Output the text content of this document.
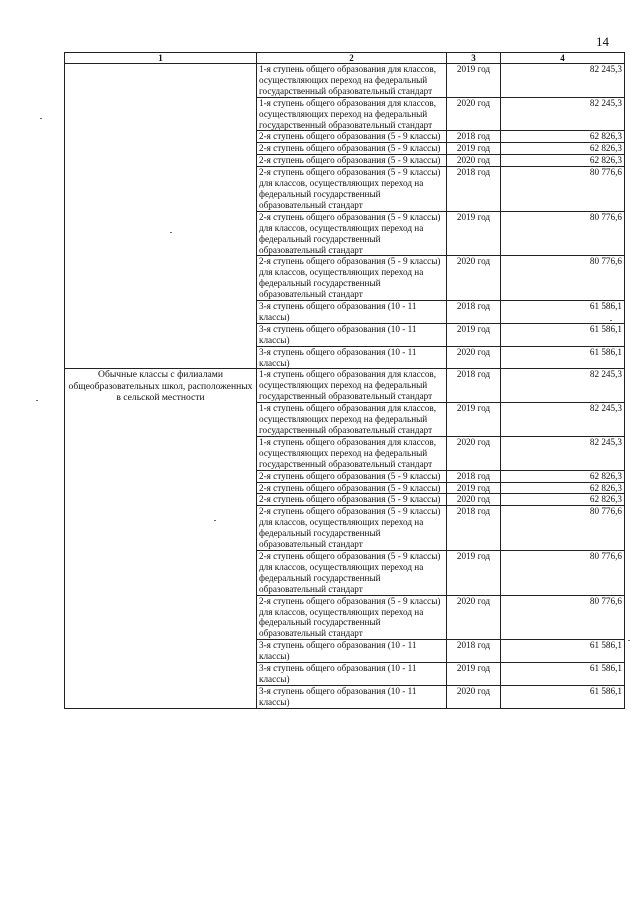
14
1	2	3	4
	1-я ступень общего образования для классов, осуществляющих переход на федеральный государственный образовательный стандарт	2019 год	82 245,3
	1-я ступень общего образования для классов, осуществляющих переход на федеральный государственный образовательный стандарт	2020 год	82 245,3
	2-я ступень общего образования (5 - 9 классы)	2018 год	62 826,3
	2-я ступень общего образования (5 - 9 классы)	2019 год	62 826,3
	2-я ступень общего образования (5 - 9 классы)	2020 год	62 826,3
	2-я ступень общего образования (5 - 9 классы) для классов, осуществляющих переход на федеральный государственный образовательный стандарт	2018 год	80 776,6
	2-я ступень общего образования (5 - 9 классы) для классов, осуществляющих переход на федеральный государственный образовательный стандарт	2019 год	80 776,6
	2-я ступень общего образования (5 - 9 классы) для классов, осуществляющих переход на федеральный государственный образовательный стандарт	2020 год	80 776,6
	3-я ступень общего образования (10 - 11 классы)	2018 год	61 586,1
	3-я ступень общего образования (10 - 11 классы)	2019 год	61 586,1
	3-я ступень общего образования (10 - 11 классы)	2020 год	61 586,1
Обычные классы с филиалами общеобразовательных школ, расположенных в сельской местности	1-я ступень общего образования для классов, осуществляющих переход на федеральный государственный образовательный стандарт	2018 год	82 245,3
	1-я ступень общего образования для классов, осуществляющих переход на федеральный государственный образовательный стандарт	2019 год	82 245,3
	1-я ступень общего образования для классов, осуществляющих переход на федеральный государственный образовательный стандарт	2020 год	82 245,3
	2-я ступень общего образования (5 - 9 классы)	2018 год	62 826,3
	2-я ступень общего образования (5 - 9 классы)	2019 год	62 826,3
	2-я ступень общего образования (5 - 9 классы)	2020 год	62 826,3
	2-я ступень общего образования (5 - 9 классы) для классов, осуществляющих переход на федеральный государственный образовательный стандарт	2018 год	80 776,6
	2-я ступень общего образования (5 - 9 классы) для классов, осуществляющих переход на федеральный государственный образовательный стандарт	2019 год	80 776,6
	2-я ступень общего образования (5 - 9 классы) для классов, осуществляющих переход на федеральный государственный образовательный стандарт	2020 год	80 776,6
	3-я ступень общего образования (10 - 11 классы)	2018 год	61 586,1
	3-я ступень общего образования (10 - 11 классы)	2019 год	61 586,1
	3-я ступень общего образования (10 - 11 классы)	2020 год	61 586,1
